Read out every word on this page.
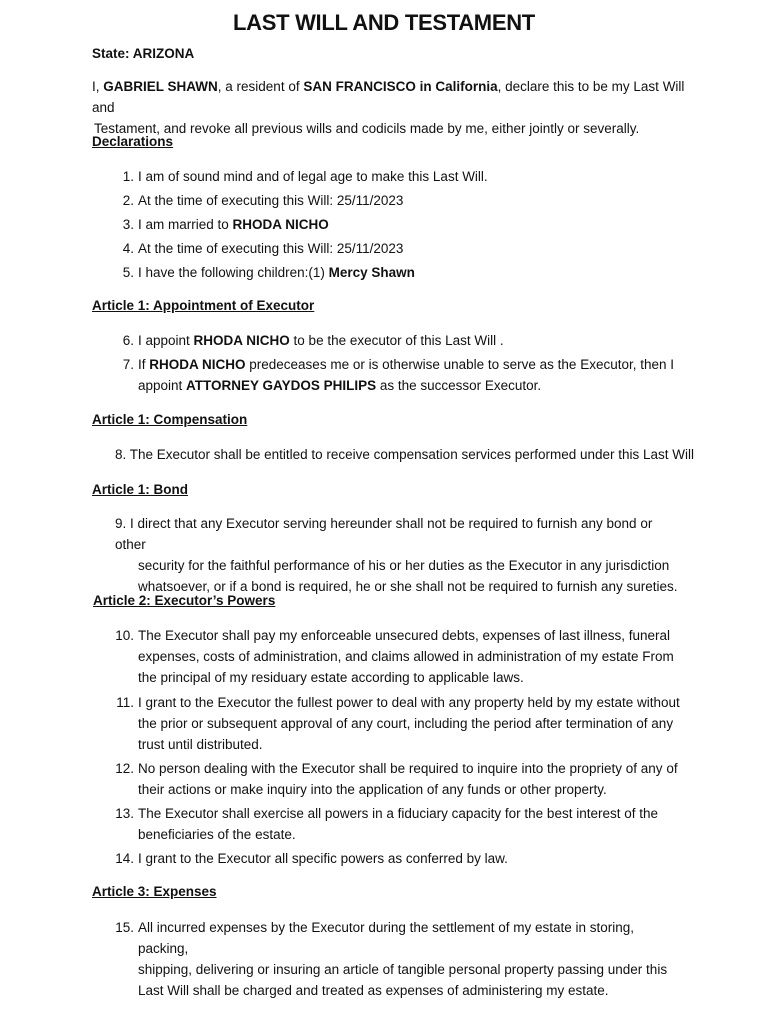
LAST WILL AND TESTAMENT
State: ARIZONA
I, GABRIEL SHAWN, a resident of SAN FRANCISCO in California, declare this to be my Last Will and
Testament, and revoke all previous wills and codicils made by me, either jointly or severally.
Declarations
1. I am of sound mind and of legal age to make this Last Will.
2. At the time of executing this Will: 25/11/2023
3. I am married to RHODA NICHO
4. At the time of executing this Will: 25/11/2023
5. I have the following children:(1) Mercy Shawn
Article 1: Appointment of Executor
6. I appoint RHODA NICHO to be the executor of this Last Will .
7. If RHODA NICHO predeceases me or is otherwise unable to serve as the Executor, then I
appoint ATTORNEY GAYDOS PHILIPS as the successor Executor.
Article 1: Compensation
8. The Executor shall be entitled to receive compensation services performed under this Last Will
Article 1: Bond
9. I direct that any Executor serving hereunder shall not be required to furnish any bond or other
security for the faithful performance of his or her duties as the Executor in any jurisdiction
whatsoever, or if a bond is required, he or she shall not be required to furnish any sureties.
Article 2: Executor’s Powers
10. The Executor shall pay my enforceable unsecured debts, expenses of last illness, funeral
expenses, costs of administration, and claims allowed in administration of my estate From
the principal of my residuary estate according to applicable laws.
11. I grant to the Executor the fullest power to deal with any property held by my estate without
the prior or subsequent approval of any court, including the period after termination of any
trust until distributed.
12. No person dealing with the Executor shall be required to inquire into the propriety of any of
their actions or make inquiry into the application of any funds or other property.
13. The Executor shall exercise all powers in a fiduciary capacity for the best interest of the
beneficiaries of the estate.
14. I grant to the Executor all specific powers as conferred by law.
Article 3: Expenses
15. All incurred expenses by the Executor during the settlement of my estate in storing, packing,
shipping, delivering or insuring an article of tangible personal property passing under this
Last Will shall be charged and treated as expenses of administering my estate.
